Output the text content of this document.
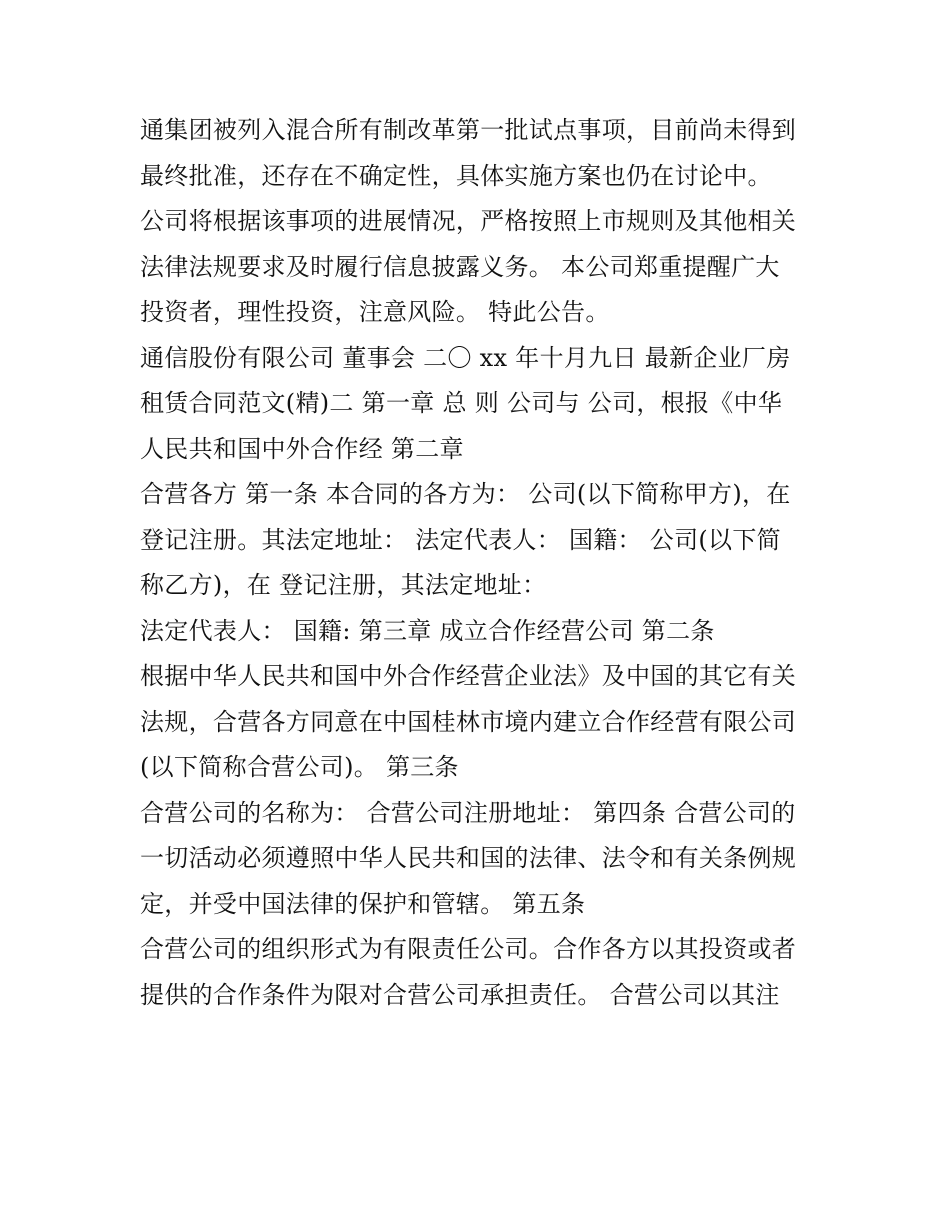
通集团被列入混合所有制改革第一批试点事项，目前尚未得到
最终批准，还存在不确定性，具体实施方案也仍在讨论中。
公司将根据该事项的进展情况，严格按照上市规则及其他相关
法律法规要求及时履行信息披露义务。 本公司郑重提醒广大
投资者，理性投资，注意风险。 特此公告。
通信股份有限公司 董事会 二〇 xx 年十月九日 最新企业厂房
租赁合同范文(精)二 第一章 总 则 公司与 公司，根报《中华
人民共和国中外合作经 第二章
合营各方 第一条 本合同的各方为： 公司(以下简称甲方)，在
登记注册。其法定地址： 法定代表人： 国籍： 公司(以下简
称乙方)，在 登记注册，其法定地址：
法定代表人： 国籍: 第三章 成立合作经营公司 第二条
根据中华人民共和国中外合作经营企业法》及中国的其它有关
法规，合营各方同意在中国桂林市境内建立合作经营有限公司
(以下简称合营公司)。 第三条
合营公司的名称为： 合营公司注册地址： 第四条 合营公司的
一切活动必须遵照中华人民共和国的法律、法令和有关条例规
定，并受中国法律的保护和管辖。 第五条
合营公司的组织形式为有限责任公司。合作各方以其投资或者
提供的合作条件为限对合营公司承担责任。 合营公司以其注
